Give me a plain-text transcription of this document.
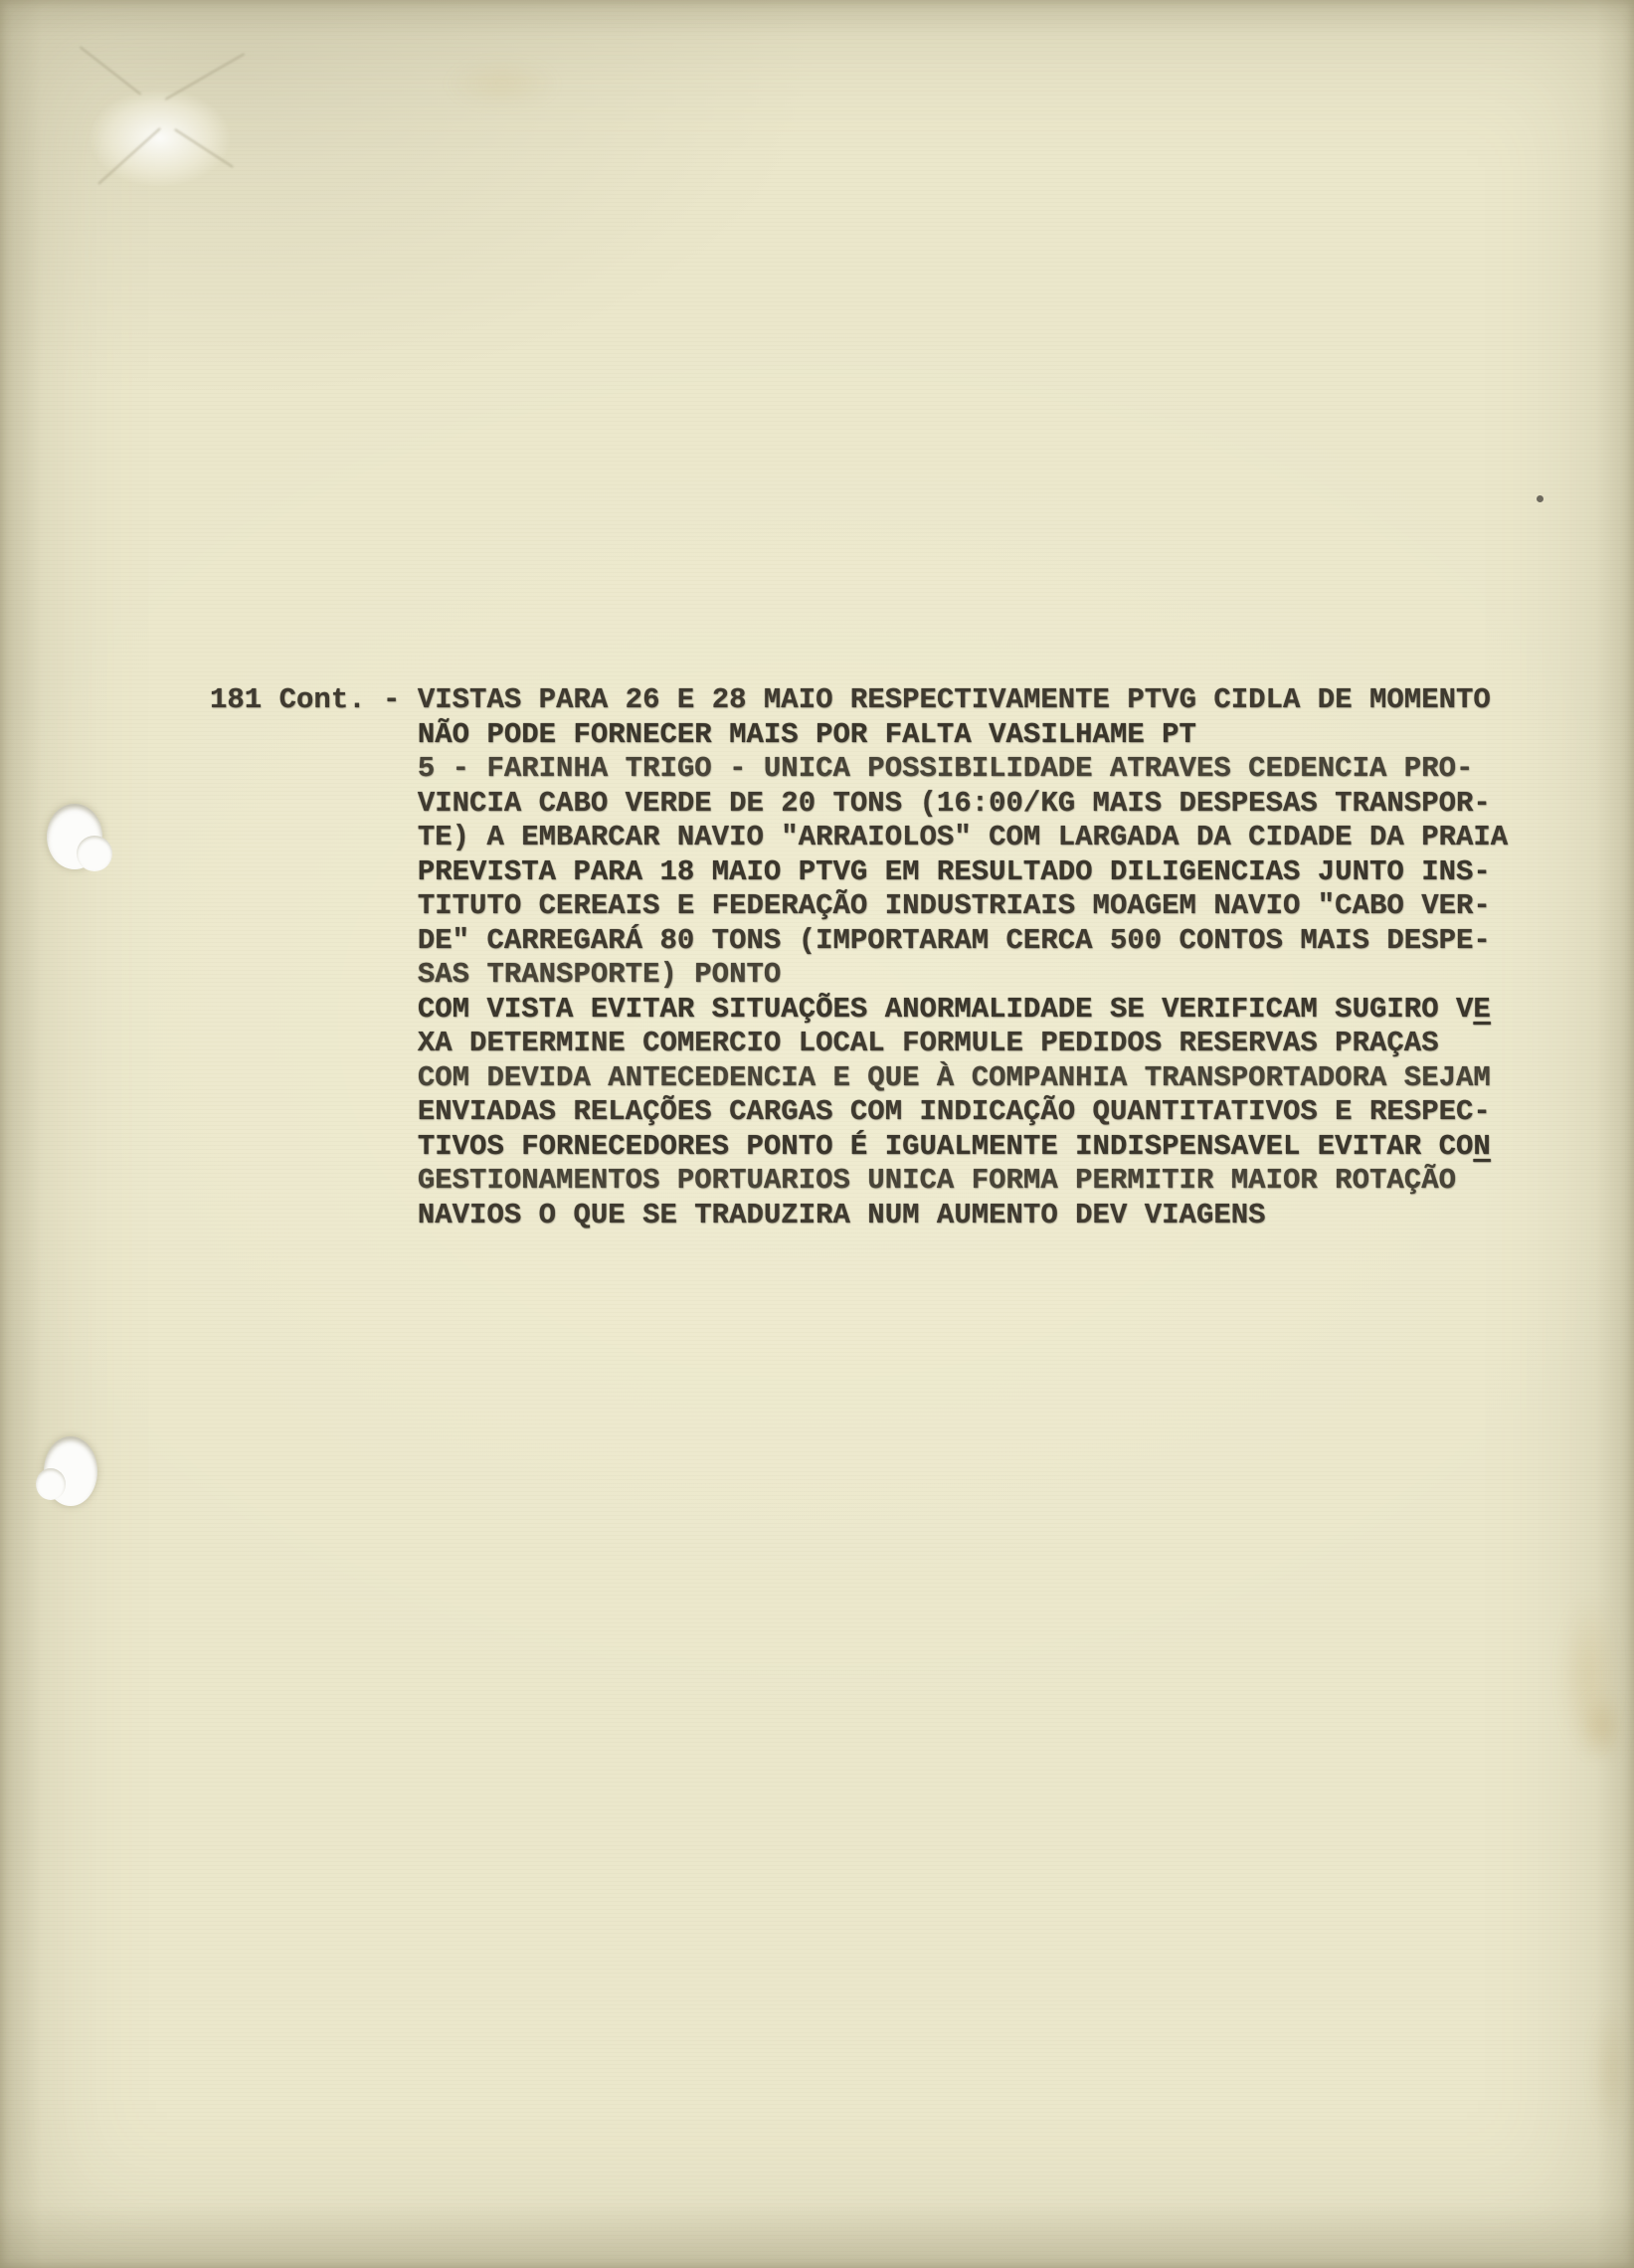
181 Cont. - VISTAS PARA 26 E 28 MAIO RESPECTIVAMENTE PTVG CIDLA DE MOMENTO
NÃO PODE FORNECER MAIS POR FALTA VASILHAME PT
5 - FARINHA TRIGO - UNICA POSSIBILIDADE ATRAVES CEDENCIA PRO-
VINCIA CABO VERDE DE 20 TONS (16:00/KG MAIS DESPESAS TRANSPOR-
TE) A EMBARCAR NAVIO "ARRAIOLOS" COM LARGADA DA CIDADE DA PRAIA
PREVISTA PARA 18 MAIO PTVG EM RESULTADO DILIGENCIAS JUNTO INS-
TITUTO CEREAIS E FEDERAÇÃO INDUSTRIAIS MOAGEM NAVIO "CABO VER-
DE" CARREGARÁ 80 TONS (IMPORTARAM CERCA 500 CONTOS MAIS DESPE-
SAS TRANSPORTE) PONTO
COM VISTA EVITAR SITUAÇÕES ANORMALIDADE SE VERIFICAM SUGIRO VE
XA DETERMINE COMERCIO LOCAL FORMULE PEDIDOS RESERVAS PRAÇAS
COM DEVIDA ANTECEDENCIA E QUE À COMPANHIA TRANSPORTADORA SEJAM
ENVIADAS RELAÇÕES CARGAS COM INDICAÇÃO QUANTITATIVOS E RESPEC-
TIVOS FORNECEDORES PONTO É IGUALMENTE INDISPENSAVEL EVITAR CON
GESTIONAMENTOS PORTUARIOS UNICA FORMA PERMITIR MAIOR ROTAÇÃO
NAVIOS O QUE SE TRADUZIRA NUM AUMENTO DEV VIAGENS
